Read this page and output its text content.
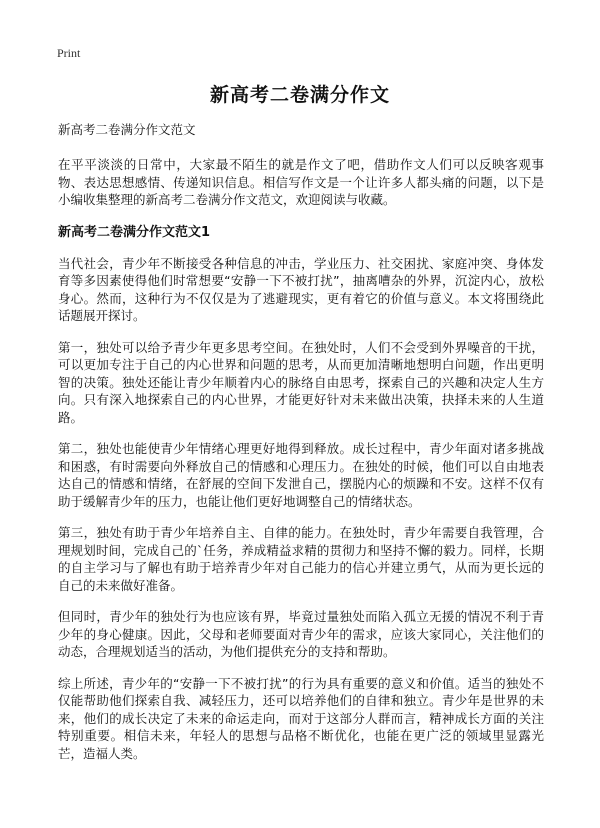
Print
新高考二卷满分作文

新高考二卷满分作文范文

在平平淡淡的日常中，大家最不陌生的就是作文了吧，借助作文人们可以反映客观事物、表达思想感情、传递知识信息。相信写作文是一个让许多人都头痛的问题，以下是小编收集整理的新高考二卷满分作文范文，欢迎阅读与收藏。

新高考二卷满分作文范文1

当代社会，青少年不断接受各种信息的冲击，学业压力、社交困扰、家庭冲突、身体发育等多因素使得他们时常想要“安静一下不被打扰”，抽离嘈杂的外界，沉淀内心，放松身心。然而，这种行为不仅仅是为了逃避现实，更有着它的价值与意义。本文将围绕此话题展开探讨。

第一，独处可以给予青少年更多思考空间。在独处时，人们不会受到外界噪音的干扰，可以更加专注于自己的内心世界和问题的思考，从而更加清晰地想明白问题，作出更明智的决策。独处还能让青少年顺着内心的脉络自由思考，探索自己的兴趣和决定人生方向。只有深入地探索自己的内心世界，才能更好针对未来做出决策，抉择未来的人生道路。

第二，独处也能使青少年情绪心理更好地得到释放。成长过程中，青少年面对诸多挑战和困惑，有时需要向外释放自己的情感和心理压力。在独处的时候，他们可以自由地表达自己的情感和情绪，在舒展的空间下发泄自己，摆脱内心的烦躁和不安。这样不仅有助于缓解青少年的压力，也能让他们更好地调整自己的情绪状态。

第三，独处有助于青少年培养自主、自律的能力。在独处时，青少年需要自我管理，合理规划时间，完成自己的`任务，养成精益求精的贯彻力和坚持不懈的毅力。同样，长期的自主学习与了解也有助于培养青少年对自己能力的信心并建立勇气，从而为更长远的自己的未来做好准备。

但同时，青少年的独处行为也应该有界，毕竟过量独处而陷入孤立无援的情况不利于青少年的身心健康。因此，父母和老师要面对青少年的需求，应该大家同心，关注他们的动态，合理规划适当的活动，为他们提供充分的支持和帮助。

综上所述，青少年的“安静一下不被打扰”的行为具有重要的意义和价值。适当的独处不仅能帮助他们探索自我、减轻压力，还可以培养他们的自律和独立。青少年是世界的未来，他们的成长决定了未来的命运走向，而对于这部分人群而言，精神成长方面的关注特别重要。相信未来，年轻人的思想与品格不断优化，也能在更广泛的领域里显露光芒，造福人类。
